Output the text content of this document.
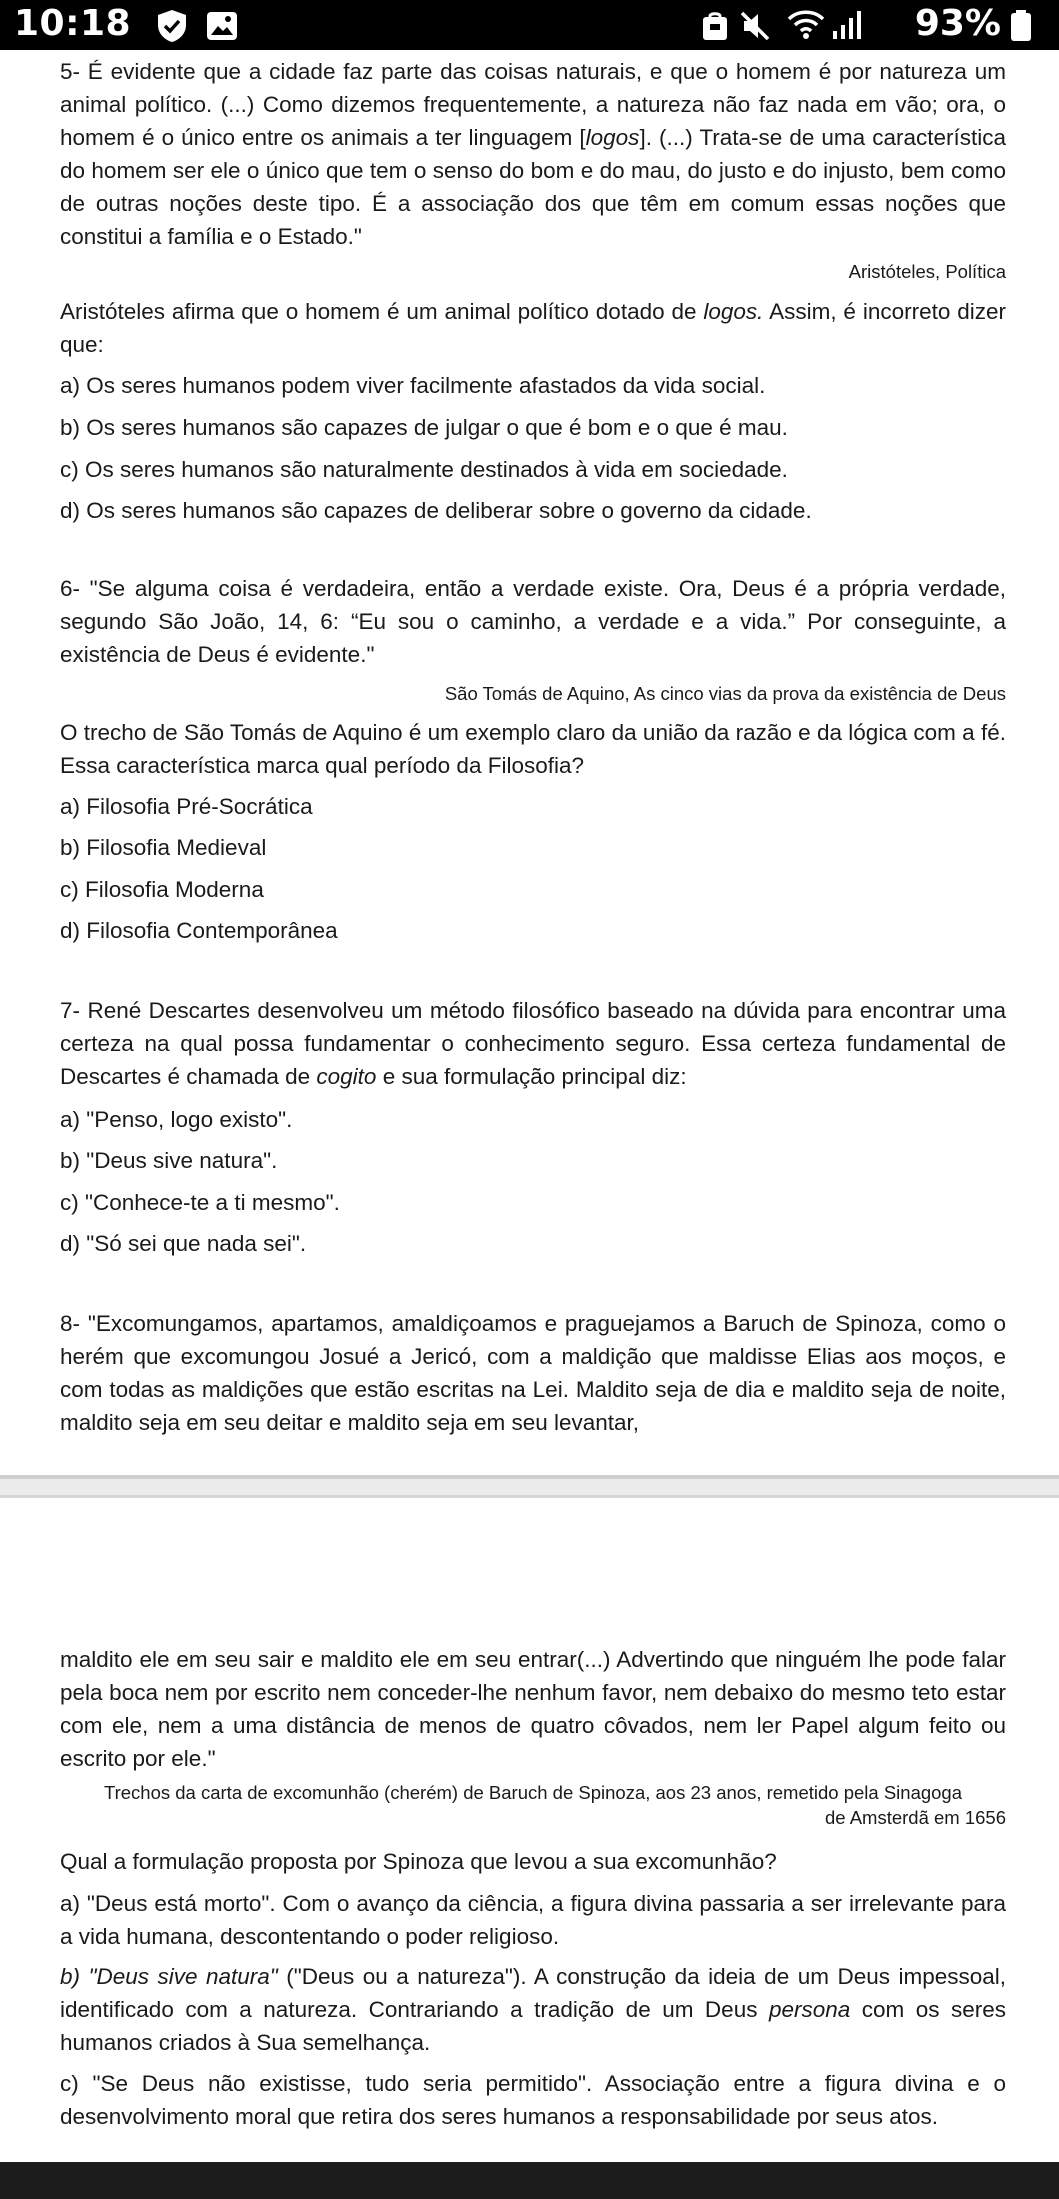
10:18	93%
5- É evidente que a cidade faz parte das coisas naturais, e que o homem é por natureza um animal político. (...) Como dizemos frequentemente, a natureza não faz nada em vão; ora, o homem é o único entre os animais a ter linguagem [logos]. (...) Trata-se de uma característica do homem ser ele o único que tem o senso do bom e do mau, do justo e do injusto, bem como de outras noções deste tipo. É a associação dos que têm em comum essas noções que constitui a família e o Estado."
Aristóteles, Política
Aristóteles afirma que o homem é um animal político dotado de logos. Assim, é incorreto dizer que:
a) Os seres humanos podem viver facilmente afastados da vida social.
b) Os seres humanos são capazes de julgar o que é bom e o que é mau.
c) Os seres humanos são naturalmente destinados à vida em sociedade.
d) Os seres humanos são capazes de deliberar sobre o governo da cidade.
6- "Se alguma coisa é verdadeira, então a verdade existe. Ora, Deus é a própria verdade, segundo São João, 14, 6: “Eu sou o caminho, a verdade e a vida.” Por conseguinte, a existência de Deus é evidente."
São Tomás de Aquino, As cinco vias da prova da existência de Deus
O trecho de São Tomás de Aquino é um exemplo claro da união da razão e da lógica com a fé. Essa característica marca qual período da Filosofia?
a) Filosofia Pré-Socrática
b) Filosofia Medieval
c) Filosofia Moderna
d) Filosofia Contemporânea
7- René Descartes desenvolveu um método filosófico baseado na dúvida para encontrar uma certeza na qual possa fundamentar o conhecimento seguro. Essa certeza fundamental de Descartes é chamada de cogito e sua formulação principal diz:
a) "Penso, logo existo".
b) "Deus sive natura".
c) "Conhece-te a ti mesmo".
d) "Só sei que nada sei".
8- "Excomungamos, apartamos, amaldiçoamos e praguejamos a Baruch de Spinoza, como o herém que excomungou Josué a Jericó, com a maldição que maldisse Elias aos moços, e com todas as maldições que estão escritas na Lei. Maldito seja de dia e maldito seja de noite, maldito seja em seu deitar e maldito seja em seu levantar,
maldito ele em seu sair e maldito ele em seu entrar(...) Advertindo que ninguém lhe pode falar pela boca nem por escrito nem conceder-lhe nenhum favor, nem debaixo do mesmo teto estar com ele, nem a uma distância de menos de quatro côvados, nem ler Papel algum feito ou escrito por ele."
Trechos da carta de excomunhão (cherém) de Baruch de Spinoza, aos 23 anos, remetido pela Sinagoga
de Amsterdã em 1656
Qual a formulação proposta por Spinoza que levou a sua excomunhão?
a) "Deus está morto". Com o avanço da ciência, a figura divina passaria a ser irrelevante para a vida humana, descontentando o poder religioso.
b) "Deus sive natura" ("Deus ou a natureza"). A construção da ideia de um Deus impessoal, identificado com a natureza. Contrariando a tradição de um Deus persona com os seres humanos criados à Sua semelhança.
c) "Se Deus não existisse, tudo seria permitido". Associação entre a figura divina e o desenvolvimento moral que retira dos seres humanos a responsabilidade por seus atos.
